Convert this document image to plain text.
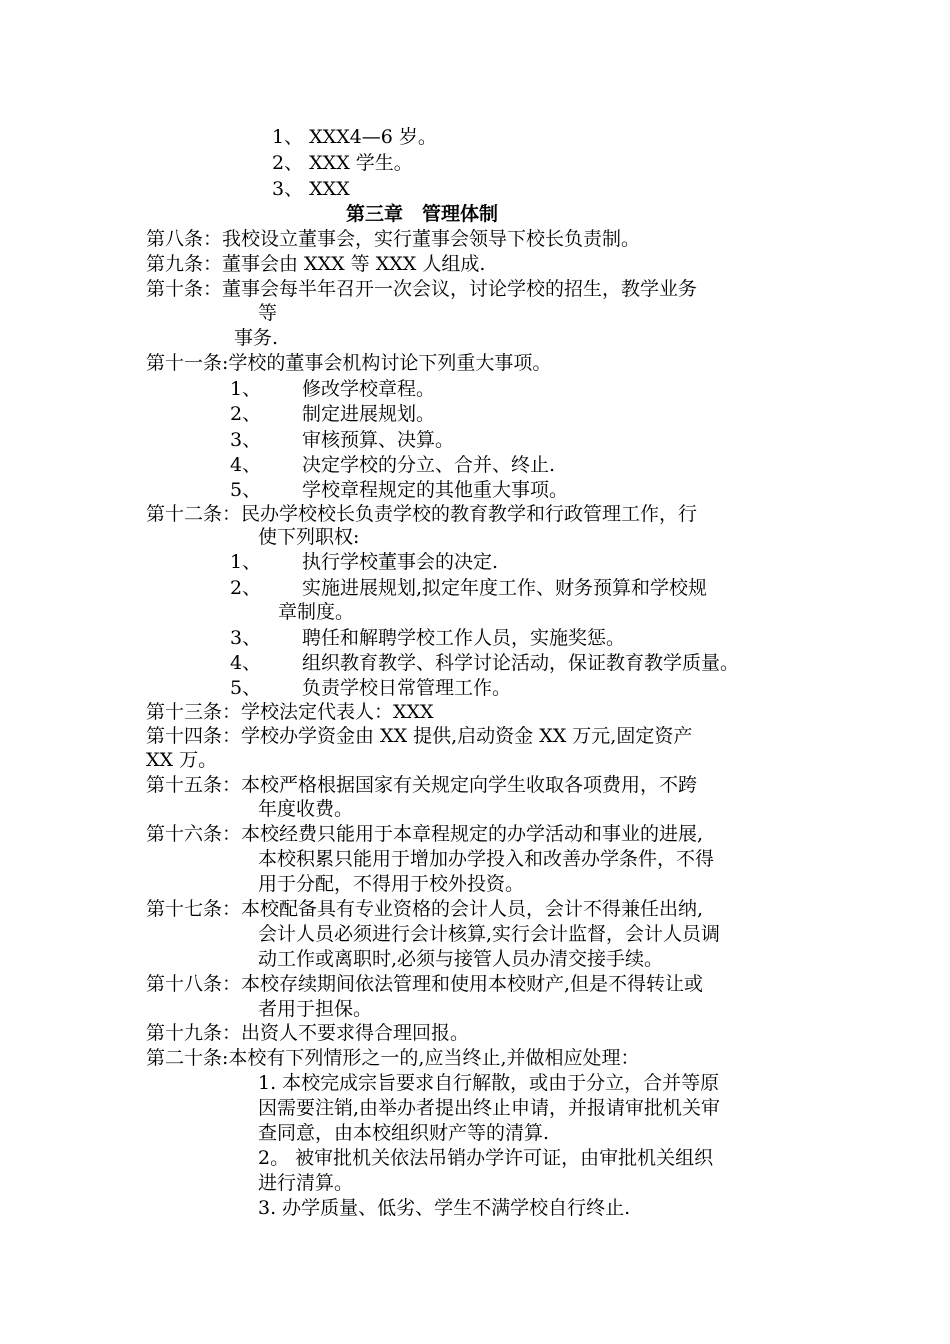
1、 XXX4—6 岁。
2、 XXX 学生。
3、 XXX
第三章　管理体制
第八条：我校设立董事会，实行董事会领导下校长负责制。
第九条：董事会由 XXX 等 XXX 人组成.
第十条：董事会每半年召开一次会议，讨论学校的招生，教学业务
等
事务.
第十一条:学校的董事会机构讨论下列重大事项。
1、 修改学校章程。
2、 制定进展规划。
3、 审核预算、决算。
4、 决定学校的分立、合并、终止.
5、 学校章程规定的其他重大事项。
第十二条：民办学校校长负责学校的教育教学和行政管理工作，行
使下列职权:
1、 执行学校董事会的决定.
2、 实施进展规划,拟定年度工作、财务预算和学校规
章制度。
3、 聘任和解聘学校工作人员，实施奖惩。
4、 组织教育教学、科学讨论活动，保证教育教学质量。
5、 负责学校日常管理工作。
第十三条：学校法定代表人：XXX
第十四条：学校办学资金由 XX 提供,启动资金 XX 万元,固定资产
XX 万。
第十五条：本校严格根据国家有关规定向学生收取各项费用，不跨
年度收费。
第十六条：本校经费只能用于本章程规定的办学活动和事业的进展,
本校积累只能用于增加办学投入和改善办学条件，不得
用于分配，不得用于校外投资。
第十七条：本校配备具有专业资格的会计人员，会计不得兼任出纳,
会计人员必须进行会计核算,实行会计监督，会计人员调
动工作或离职时,必须与接管人员办清交接手续。
第十八条：本校存续期间依法管理和使用本校财产,但是不得转让或
者用于担保。
第十九条：出资人不要求得合理回报。
第二十条:本校有下列情形之一的,应当终止,并做相应处理：
1. 本校完成宗旨要求自行解散，或由于分立，合并等原
因需要注销,由举办者提出终止申请，并报请审批机关审
查同意，由本校组织财产等的清算.
2。 被审批机关依法吊销办学许可证，由审批机关组织
进行清算。
3. 办学质量、低劣、学生不满学校自行终止.
